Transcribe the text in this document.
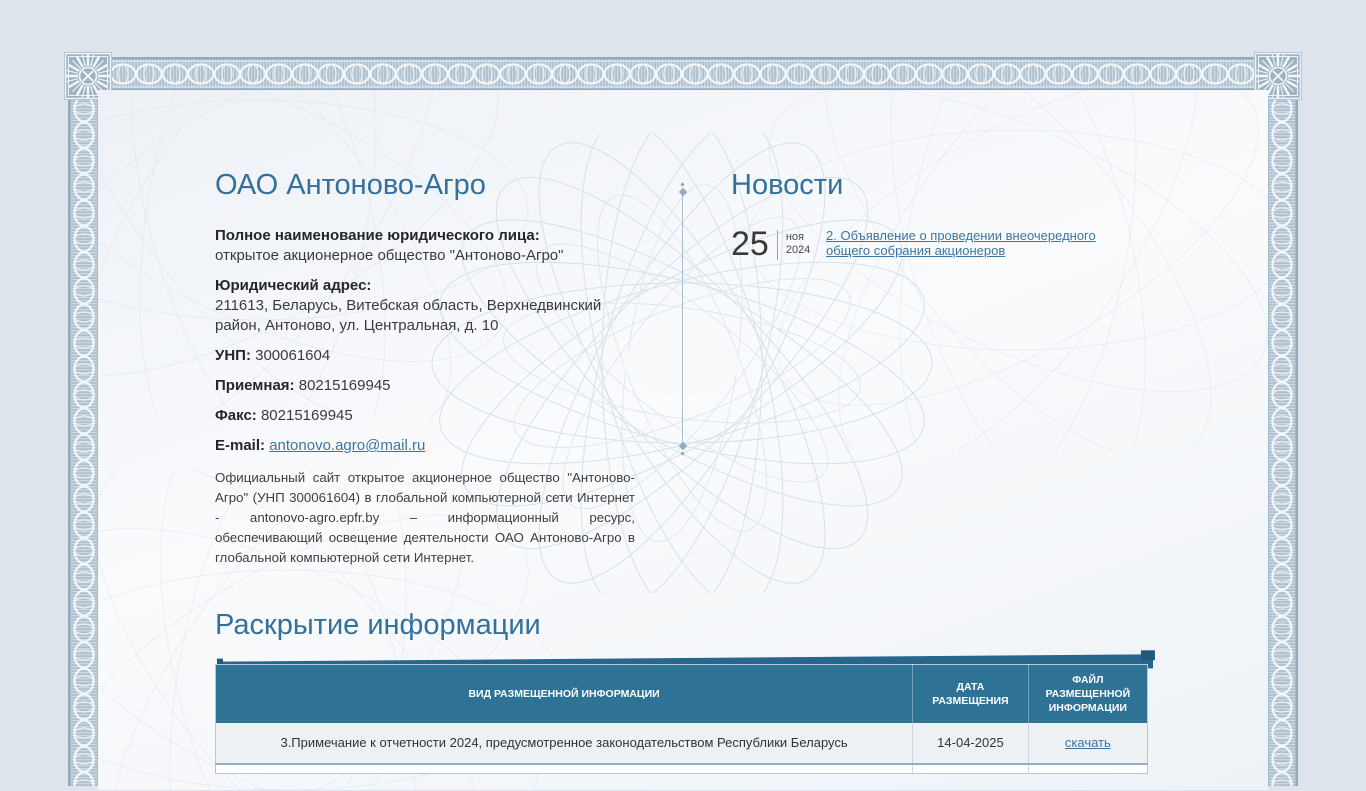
ОАО Антоново-Агро

Полное наименование юридического лица:
открытое акционерное общество "Антоново-Агро"

Юридический адрес:
211613, Беларусь, Витебская область, Верхнедвинский район, Антоново, ул. Центральная, д. 10

УНП: 300061604

Приемная: 80215169945

Факс: 80215169945

E-mail: antonovo.agro@mail.ru

Официальный сайт открытое акционерное общество "Антоново-Агро" (УНП 300061604) в глобальной компьютерной сети Интернет - antonovo-agro.epfr.by – информационный ресурс, обеспечивающий освещение деятельности ОАО Антоново-Агро в глобальной компьютерной сети Интернет.

Новости
25 ноя
2024
2. Объявление о проведении внеочередного общего собрания акционеров
Раскрытие информации
ВИД РАЗМЕЩЕННОЙ ИНФОРМАЦИИ	ДАТА РАЗМЕЩЕНИЯ	ФАЙЛ РАЗМЕЩЕННОЙ ИНФОРМАЦИИ
3.Примечание к отчетности 2024, предусмотренное законодательством Республики Беларусь	14-04-2025	скачать
